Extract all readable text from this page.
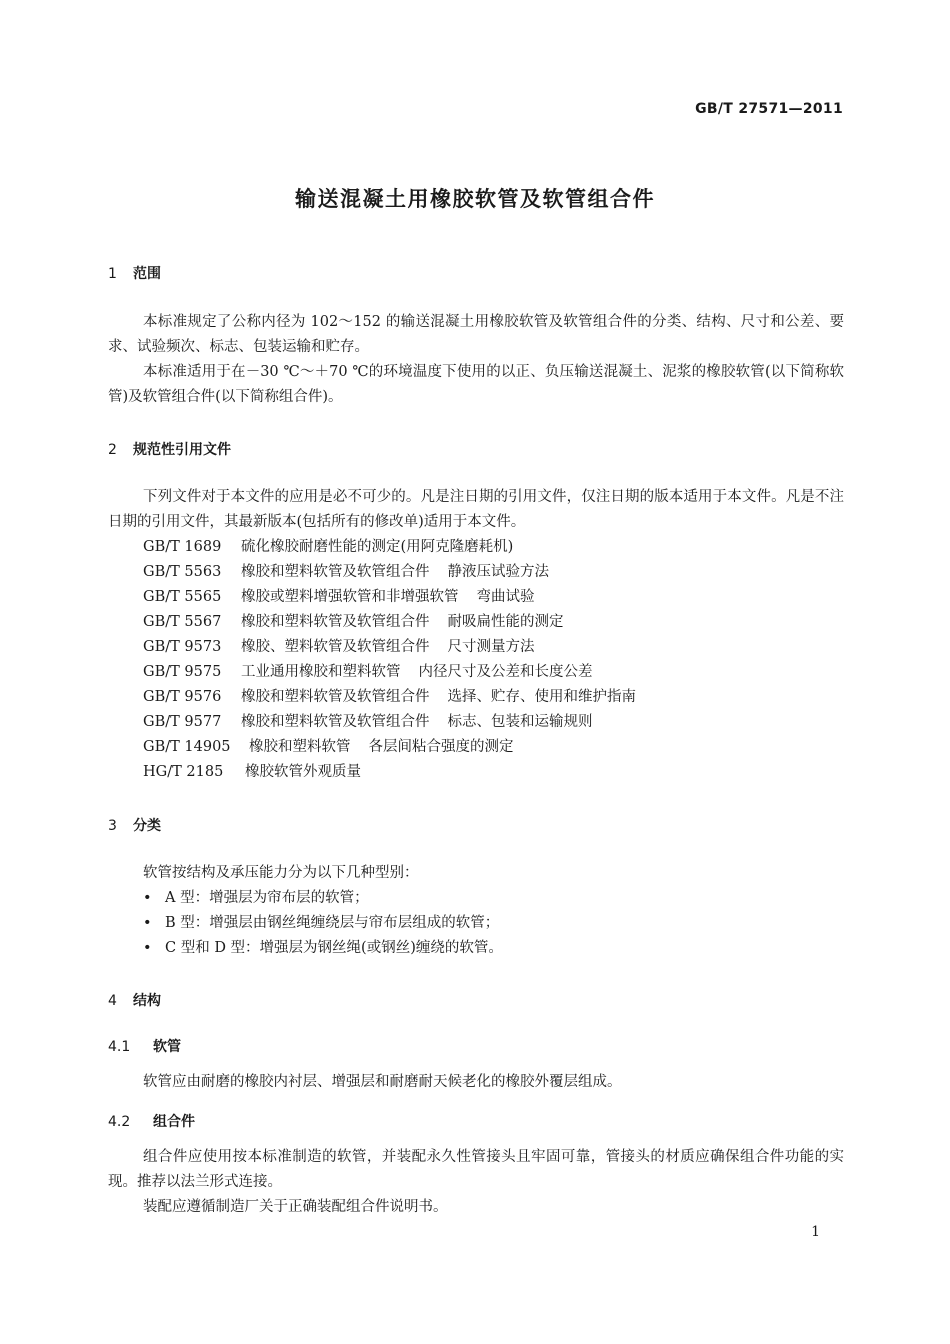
GB/T 27571—2011
输送混凝土用橡胶软管及软管组合件
1 范围
本标准规定了公称内径为 102～152 的输送混凝土用橡胶软管及软管组合件的分类、结构、尺寸和公差、要求、试验频次、标志、包装运输和贮存。
本标准适用于在－30 ℃～＋70 ℃的环境温度下使用的以正、负压输送混凝土、泥浆的橡胶软管(以下简称软管)及软管组合件(以下简称组合件)。
2 规范性引用文件
下列文件对于本文件的应用是必不可少的。凡是注日期的引用文件，仅注日期的版本适用于本文件。凡是不注日期的引用文件，其最新版本(包括所有的修改单)适用于本文件。
GB/T 1689 硫化橡胶耐磨性能的测定(用阿克隆磨耗机)
GB/T 5563 橡胶和塑料软管及软管组合件 静液压试验方法
GB/T 5565 橡胶或塑料增强软管和非增强软管 弯曲试验
GB/T 5567 橡胶和塑料软管及软管组合件 耐吸扁性能的测定
GB/T 9573 橡胶、塑料软管及软管组合件 尺寸测量方法
GB/T 9575 工业通用橡胶和塑料软管 内径尺寸及公差和长度公差
GB/T 9576 橡胶和塑料软管及软管组合件 选择、贮存、使用和维护指南
GB/T 9577 橡胶和塑料软管及软管组合件 标志、包装和运输规则
GB/T 14905 橡胶和塑料软管 各层间粘合强度的测定
HG/T 2185 橡胶软管外观质量
3 分类
软管按结构及承压能力分为以下几种型别：
• A 型：增强层为帘布层的软管；
• B 型：增强层由钢丝绳缠绕层与帘布层组成的软管；
• C 型和 D 型：增强层为钢丝绳(或钢丝)缠绕的软管。
4 结构
4.1 软管
软管应由耐磨的橡胶内衬层、增强层和耐磨耐天候老化的橡胶外覆层组成。
4.2 组合件
组合件应使用按本标准制造的软管，并装配永久性管接头且牢固可靠，管接头的材质应确保组合件功能的实现。推荐以法兰形式连接。
装配应遵循制造厂关于正确装配组合件说明书。
1
